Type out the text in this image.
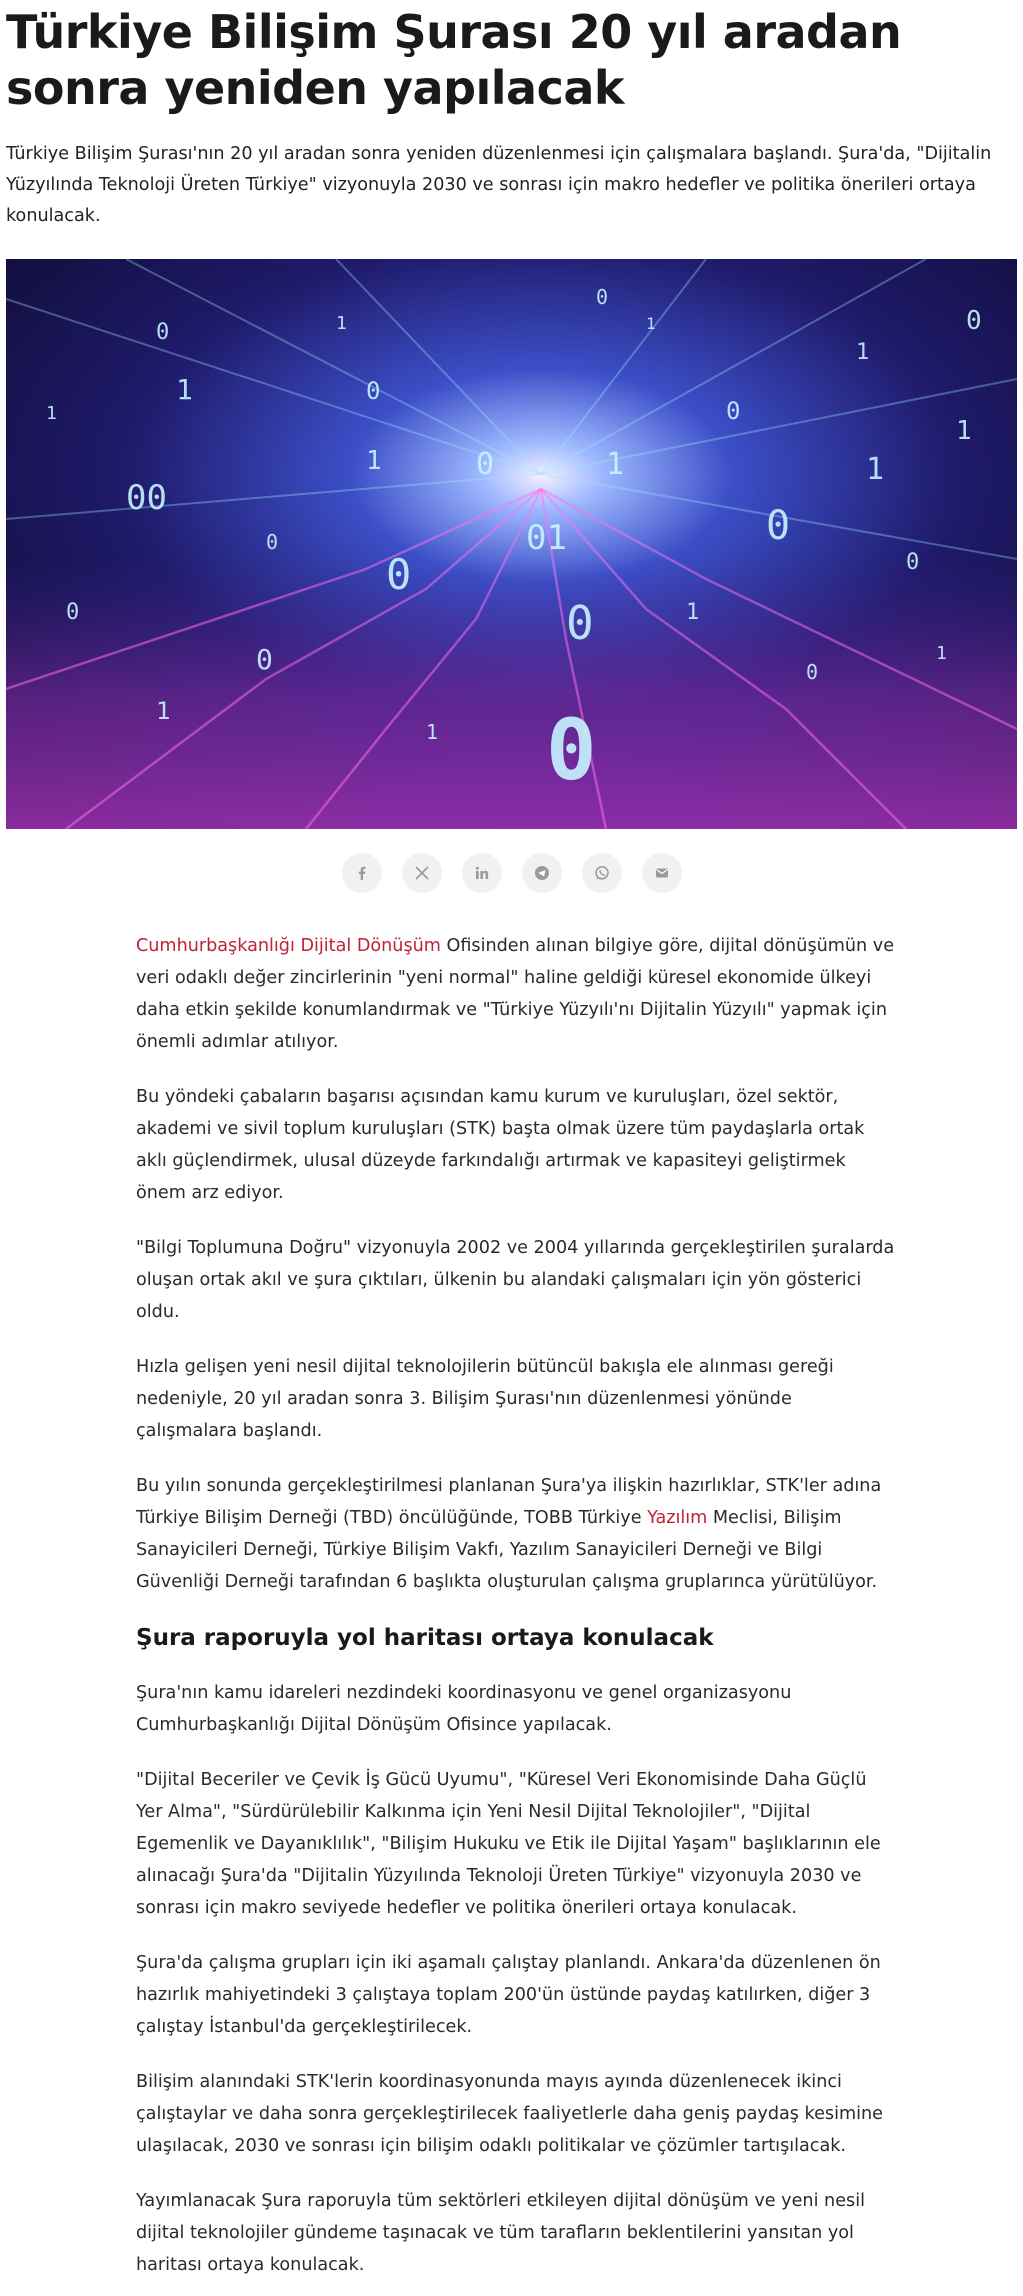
Türkiye Bilişim Şurası 20 yıl aradan sonra yeniden yapılacak

Türkiye Bilişim Şurası'nın 20 yıl aradan sonra yeniden düzenlenmesi için çalışmalara başlandı. Şura'da, "Dijitalin Yüzyılında Teknoloji Üreten Türkiye" vizyonuyla 2030 ve sonrası için makro hedefler ve politika önerileri ortaya konulacak.

0
1
0	1
1
00
0
1
0
0	1
0
0
1
1
0
0
1
01
0
0
1
1
0
0
1
0
1
1
0

Cumhurbaşkanlığı Dijital Dönüşüm Ofisinden alınan bilgiye göre, dijital dönüşümün ve veri odaklı değer zincirlerinin "yeni normal" haline geldiği küresel ekonomide ülkeyi daha etkin şekilde konumlandırmak ve "Türkiye Yüzyılı'nı Dijitalin Yüzyılı" yapmak için önemli adımlar atılıyor.

Bu yöndeki çabaların başarısı açısından kamu kurum ve kuruluşları, özel sektör, akademi ve sivil toplum kuruluşları (STK) başta olmak üzere tüm paydaşlarla ortak aklı güçlendirmek, ulusal düzeyde farkındalığı artırmak ve kapasiteyi geliştirmek önem arz ediyor.

"Bilgi Toplumuna Doğru" vizyonuyla 2002 ve 2004 yıllarında gerçekleştirilen şuralarda oluşan ortak akıl ve şura çıktıları, ülkenin bu alandaki çalışmaları için yön gösterici oldu.

Hızla gelişen yeni nesil dijital teknolojilerin bütüncül bakışla ele alınması gereği nedeniyle, 20 yıl aradan sonra 3. Bilişim Şurası'nın düzenlenmesi yönünde çalışmalara başlandı.

Bu yılın sonunda gerçekleştirilmesi planlanan Şura'ya ilişkin hazırlıklar, STK'ler adına Türkiye Bilişim Derneği (TBD) öncülüğünde, TOBB Türkiye Yazılım Meclisi, Bilişim Sanayicileri Derneği, Türkiye Bilişim Vakfı, Yazılım Sanayicileri Derneği ve Bilgi Güvenliği Derneği tarafından 6 başlıkta oluşturulan çalışma gruplarınca yürütülüyor.

Şura raporuyla yol haritası ortaya konulacak

Şura'nın kamu idareleri nezdindeki koordinasyonu ve genel organizasyonu Cumhurbaşkanlığı Dijital Dönüşüm Ofisince yapılacak.

"Dijital Beceriler ve Çevik İş Gücü Uyumu", "Küresel Veri Ekonomisinde Daha Güçlü Yer Alma", "Sürdürülebilir Kalkınma için Yeni Nesil Dijital Teknolojiler", "Dijital Egemenlik ve Dayanıklılık", "Bilişim Hukuku ve Etik ile Dijital Yaşam" başlıklarının ele alınacağı Şura'da "Dijitalin Yüzyılında Teknoloji Üreten Türkiye" vizyonuyla 2030 ve sonrası için makro seviyede hedefler ve politika önerileri ortaya konulacak.

Şura'da çalışma grupları için iki aşamalı çalıştay planlandı. Ankara'da düzenlenen ön hazırlık mahiyetindeki 3 çalıştaya toplam 200'ün üstünde paydaş katılırken, diğer 3 çalıştay İstanbul'da gerçekleştirilecek.

Bilişim alanındaki STK'lerin koordinasyonunda mayıs ayında düzenlenecek ikinci çalıştaylar ve daha sonra gerçekleştirilecek faaliyetlerle daha geniş paydaş kesimine ulaşılacak, 2030 ve sonrası için bilişim odaklı politikalar ve çözümler tartışılacak.

Yayımlanacak Şura raporuyla tüm sektörleri etkileyen dijital dönüşüm ve yeni nesil dijital teknolojiler gündeme taşınacak ve tüm tarafların beklentilerini yansıtan yol haritası ortaya konulacak.
